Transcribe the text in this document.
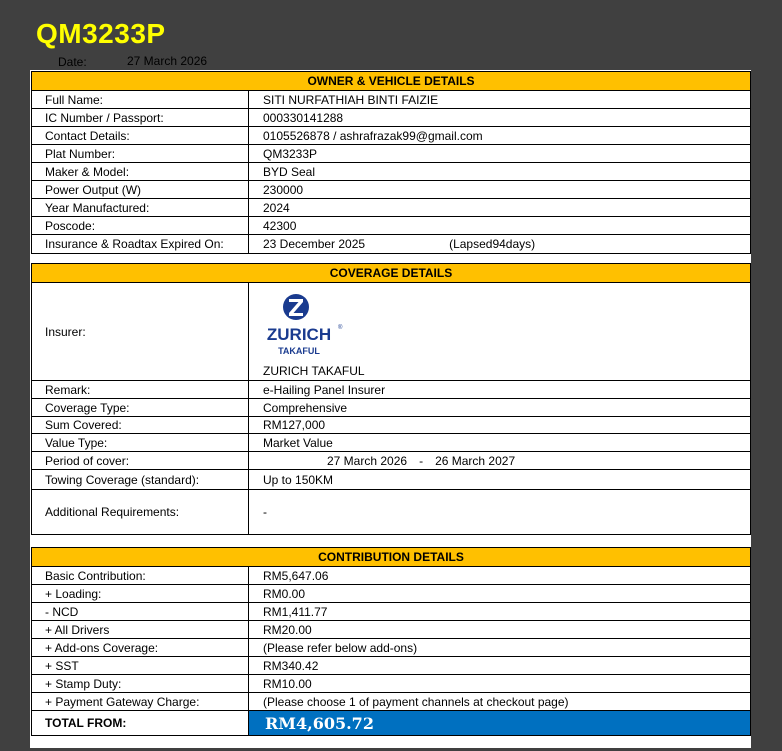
QM3233P
Date:	27 March 2026
OWNER & VEHICLE DETAILS
Full Name:	SITI NURFATHIAH BINTI FAIZIE
IC Number / Passport:	000330141288
Contact Details:	0105526878 / ashrafrazak99@gmail.com
Plat Number:	QM3233P
Maker & Model:	BYD Seal
Power Output (W)	230000
Year Manufactured:	2024
Poscode:	42300
Insurance & Roadtax Expired On:	23 December 2025	(Lapsed94days)
COVERAGE DETAILS
Insurer:	ZURICH ®
TAKAFUL
ZURICH TAKAFUL
Remark:	e-Hailing Panel Insurer
Coverage Type:	Comprehensive
Sum Covered:	RM127,000
Value Type:	Market Value
Period of cover:	27 March 2026 - 26 March 2027
Towing Coverage (standard):	Up to 150KM
Additional Requirements:	-
CONTRIBUTION DETAILS
Basic Contribution:	RM5,647.06
+ Loading:	RM0.00
- NCD	RM1,411.77
+ All Drivers	RM20.00
+ Add-ons Coverage:	(Please refer below add-ons)
+ SST	RM340.42
+ Stamp Duty:	RM10.00
+ Payment Gateway Charge:	(Please choose 1 of payment channels at checkout page)
TOTAL FROM:	RM4,605.72
